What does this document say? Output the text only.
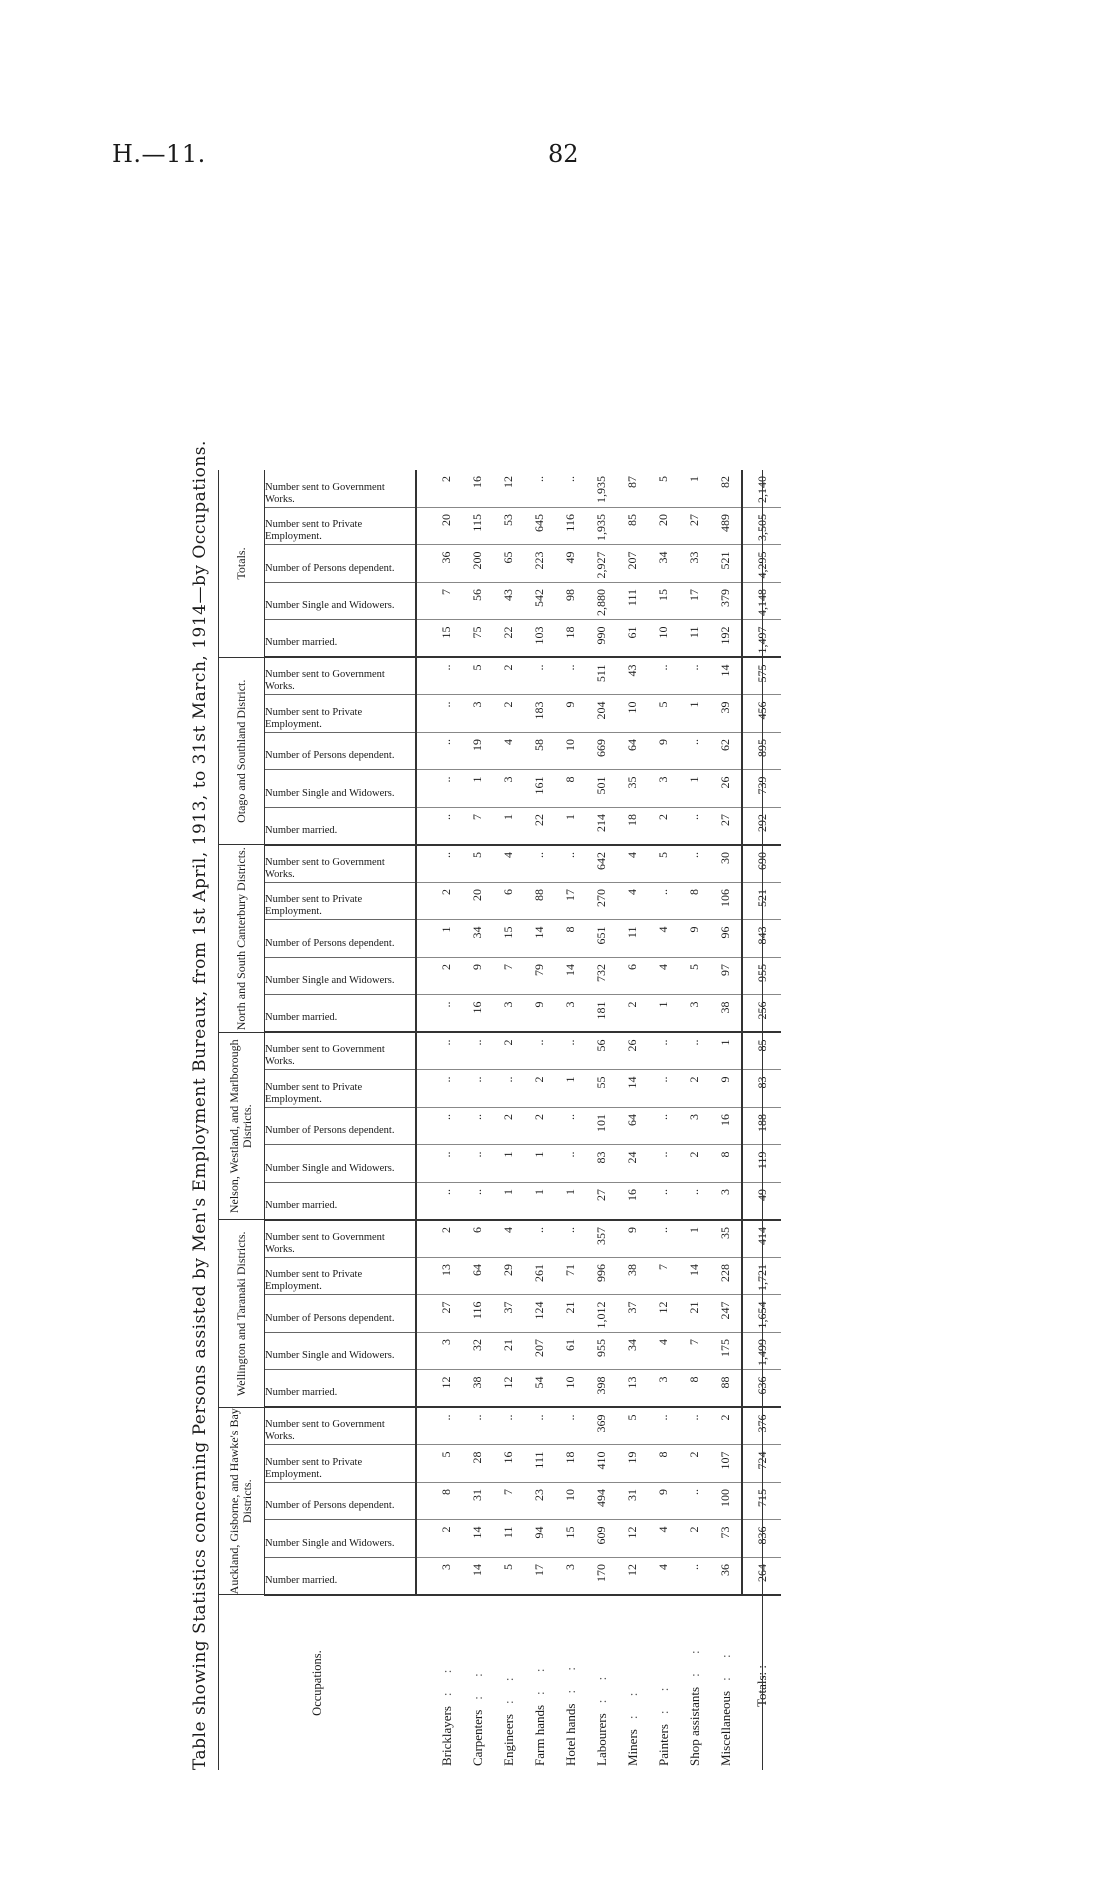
H.—11.	82
Table showing Statistics concerning Persons assisted by Men's Employment Bureaux, from 1st April, 1913, to 31st March, 1914—by Occupations.	Occupations.	Auckland, Gisborne, and Hawke's Bay Districts.					Wellington and Taranaki Districts.					Nelson, Westland, and Marlborough Districts.					North and South Canterbury Districts.					Otago and Southland District.					Totals.				

	Number married.	Number Single and Widowers.	Number of Persons dependent.	Number sent to Private Employment.	Number sent to Government Works.	Number married.	Number Single and Widowers.	Number of Persons dependent.	Number sent to Private Employment.	Number sent to Government Works.	Number married.	Number Single and Widowers.	Number of Persons dependent.	Number sent to Private Employment.	Number sent to Government Works.	Number married.	Number Single and Widowers.	Number of Persons dependent.	Number sent to Private Employment.	Number sent to Government Works.	Number married.	Number Single and Widowers.	Number of Persons dependent.	Number sent to Private Employment.	Number sent to Government Works.	Number married.	Number Single and Widowers.	Number of Persons dependent.	Number sent to Private Employment.	Number sent to Government Works.

Bricklayers: :	3	2	8	5	..	12	3	27	13	2	..	..	..	..	..	..	2	1	2	..	..	..	..	..	..	15	7	36	20	2
Carpenters: :	14	14	31	28	..	38	32	116	64	6	..	..	..	..	..	16	9	34	20	5	7	1	19	3	5	75	56	200	115	16
Engineers: :	5	11	7	16	..	12	21	37	29	4	1	1	2	..	2	3	7	15	6	4	1	3	4	2	2	22	43	65	53	12
Farm hands: :	17	94	23	111	..	54	207	124	261	..	1	1	2	2	..	9	79	14	88	..	22	161	58	183	..	103	542	223	645	..
Hotel hands: :	3	15	10	18	..	10	61	21	71	..	1	..	..	1	..	3	14	8	17	..	1	8	10	9	..	18	98	49	116	..
Labourers: :	170	609	494	410	369	398	955	1,012	996	357	27	83	101	55	56	181	732	651	270	642	214	501	669	204	511	990	2,880	2,927	1,935	1,935
Miners: :	12	12	31	19	5	13	34	37	38	9	16	24	64	14	26	2	6	11	4	4	18	35	64	10	43	61	111	207	85	87
Painters: :	4	4	9	8	..	3	4	12	7	..	..	..	..	..	..	1	4	4	..	5	2	3	9	5	..	10	15	34	20	5
Shop assistants: :	..	2	..	2	..	8	7	21	14	1	..	2	3	2	..	3	5	9	8	..	..	1	..	1	..	11	17	33	27	1
Miscellaneous: :	36	73	100	107	2	88	175	247	228	35	3	8	16	9	1	38	97	96	106	30	27	26	62	39	14	192	379	521	489	82
Totals: :	264	836	715	724	376	636	1,499	1,654	1,721	414	49	119	188	83	85	256	955	843	521	690	292	739	895	456	575	1,497	4,148	4,295	3,505	2,140
